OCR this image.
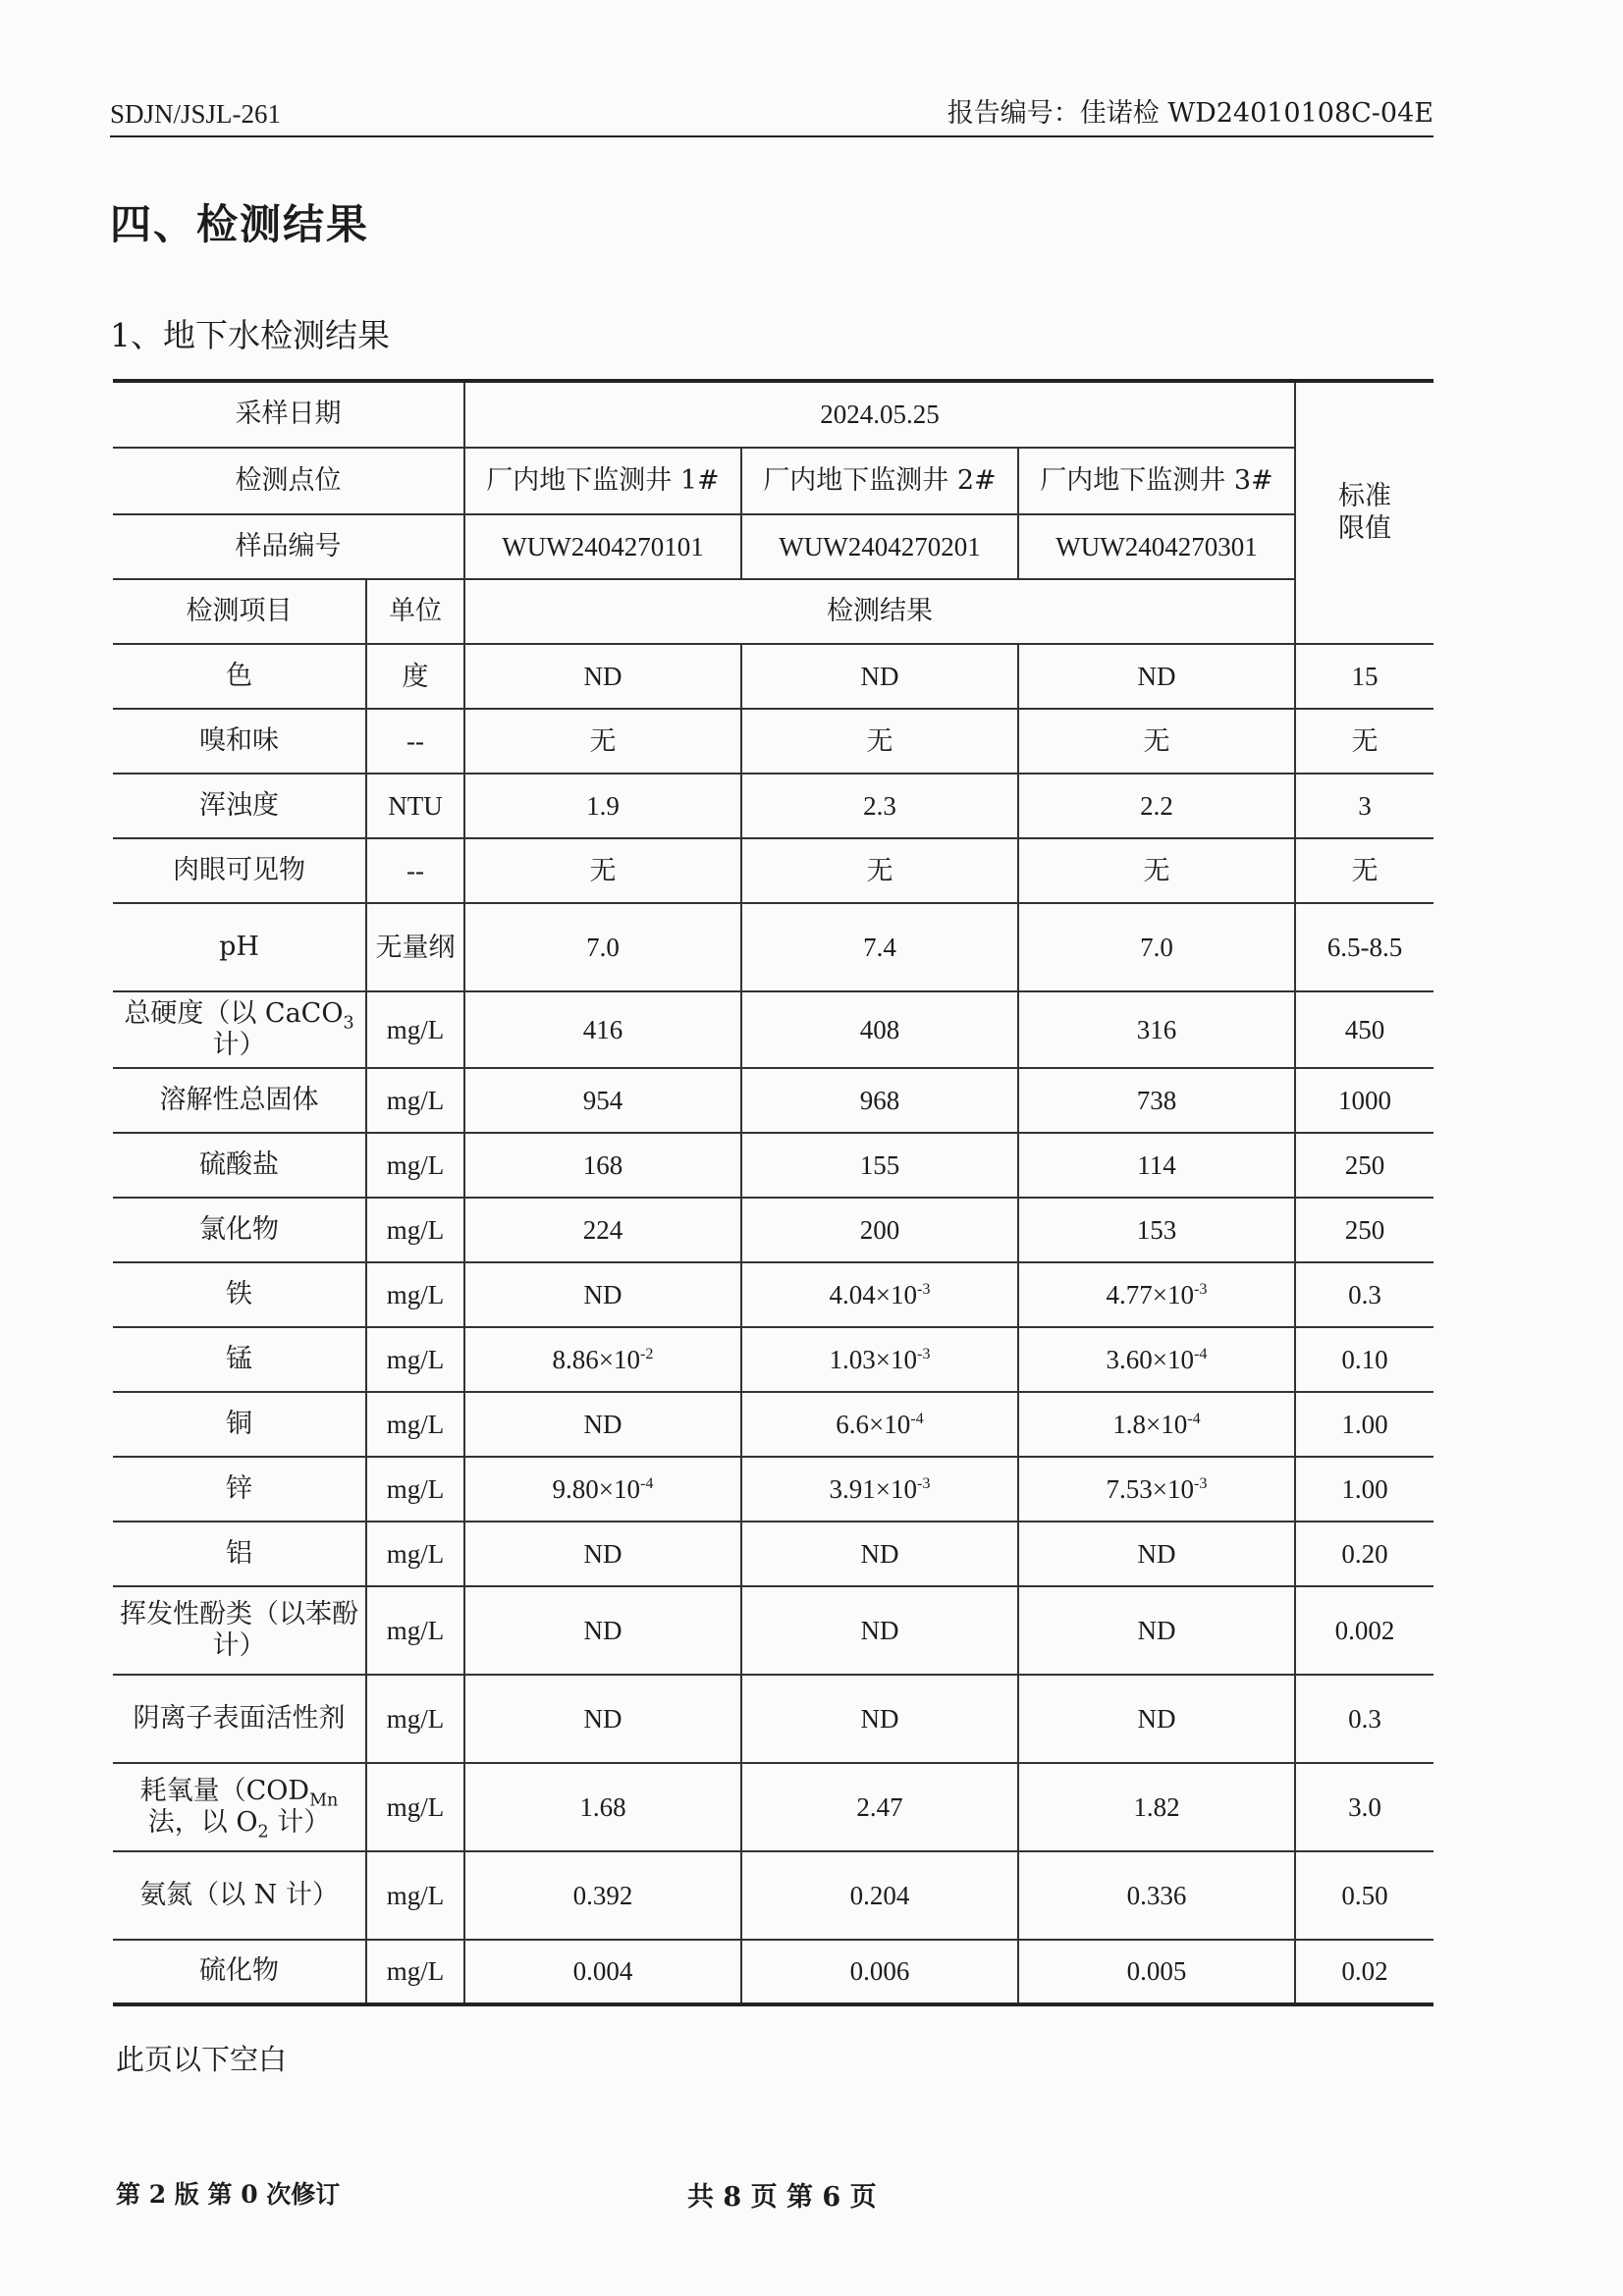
SDJN/JSJL-261	报告编号：佳诺检 WD24010108C-04E
四、检测结果
1、地下水检测结果
采样日期		2024.05.25			标准
限值
检测点位		厂内地下监测井 1#	厂内地下监测井 2#	厂内地下监测井 3#	
样品编号		WUW2404270101	WUW2404270201	WUW2404270301	
检测项目	单位	检测结果			
色	度	ND	ND	ND	15
嗅和味	--	无	无	无	无
浑浊度	NTU	1.9	2.3	2.2	3
肉眼可见物	--	无	无	无	无
pH	无量纲	7.0	7.4	7.0	6.5-8.5
总硬度（以 CaCO$_3$ 计）	mg/L	416	408	316	450
溶解性总固体	mg/L	954	968	738	1000
硫酸盐	mg/L	168	155	114	250
氯化物	mg/L	224	200	153	250
铁	mg/L	ND	$4.04\times 10^{-3}$	$4.77\times 10^{-3}$	0.3
锰	mg/L	$8.86\times 10^{-2}$	$1.03\times 10^{-3}$	$3.60\times 10^{-4}$	0.10
铜	mg/L	ND	$6.6\times 10^{-4}$	$1.8\times 10^{-4}$	1.00
锌	mg/L	$9.80\times 10^{-4}$	$3.91\times 10^{-3}$	$7.53\times 10^{-3}$	1.00
铝	mg/L	ND	ND	ND	0.20
挥发性酚类（以苯酚计）	mg/L	ND	ND	ND	0.002
阴离子表面活性剂	mg/L	ND	ND	ND	0.3
耗氧量（$COD_{Mn}$ 法，以 $O_2$ 计）	mg/L	1.68	2.47	1.82	3.0
氨氮（以 N 计）	mg/L	0.392	0.204	0.336	0.50
硫化物	mg/L	0.004	0.006	0.005	0.02
此页以下空白
第 2 版 第 0 次修订	共 8 页 第 6 页
